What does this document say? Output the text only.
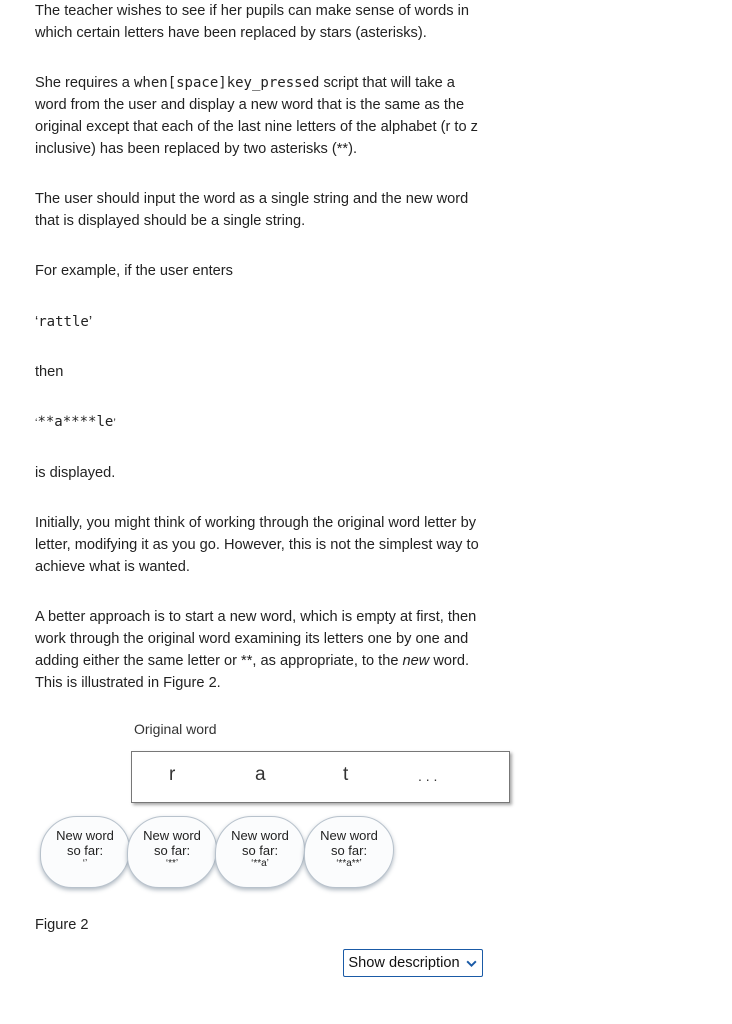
The teacher wishes to see if her pupils can make sense of words in which certain letters have been replaced by stars (asterisks).

She requires a when[space]key_pressed script that will take a word from the user and display a new word that is the same as the original except that each of the last nine letters of the alphabet (r to z inclusive) has been replaced by two asterisks (**).

The user should input the word as a single string and the new word that is displayed should be a single string.

For example, if the user enters

‘rattle’

then

‘**a****le’

is displayed.

Initially, you might think of working through the original word letter by letter, modifying it as you go. However, this is not the simplest way to achieve what is wanted.

A better approach is to start a new word, which is empty at first, then work through the original word examining its letters one by one and adding either the same letter or **, as appropriate, to the new word. This is illustrated in Figure 2.

Original word
r	a	t	. . .
New word
so far:
‘’
New word
so far:
‘**’
New word
so far:
‘**a’
New word
so far:
‘**a**’
Figure 2
Show description
